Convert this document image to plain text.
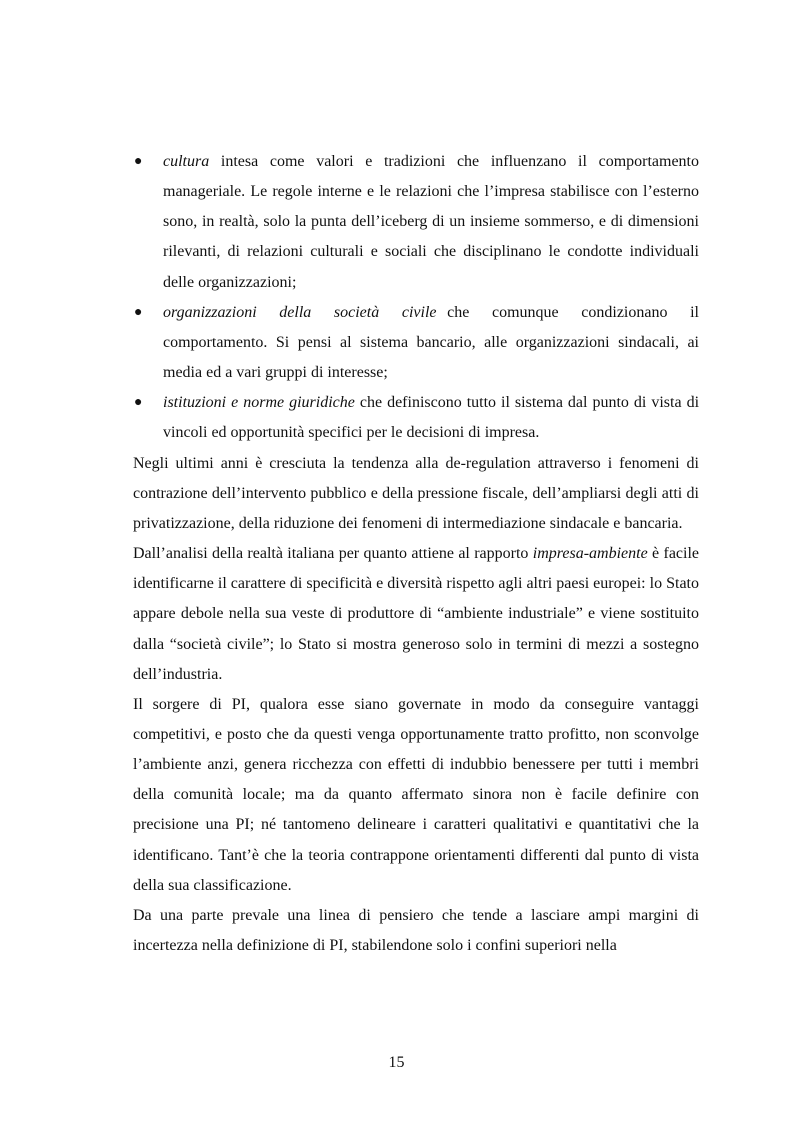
● cultura intesa come valori e tradizioni che influenzano il comportamento manageriale. Le regole interne e le relazioni che l’impresa stabilisce con l’esterno sono, in realtà, solo la punta dell’iceberg di un insieme sommerso, e di dimensioni rilevanti, di relazioni culturali e sociali che disciplinano le condotte individuali delle organizzazioni;

● organizzazioni della società civile che comunque condizionano il comportamento. Si pensi al sistema bancario, alle organizzazioni sindacali, ai media ed a vari gruppi di interesse;

● istituzioni e norme giuridiche che definiscono tutto il sistema dal punto di vista di vincoli ed opportunità specifici per le decisioni di impresa.

Negli ultimi anni è cresciuta la tendenza alla de-regulation attraverso i fenomeni di contrazione dell’intervento pubblico e della pressione fiscale, dell’ampliarsi degli atti di privatizzazione, della riduzione dei fenomeni di intermediazione sindacale e bancaria.

Dall’analisi della realtà italiana per quanto attiene al rapporto impresa-ambiente è facile identificarne il carattere di specificità e diversità rispetto agli altri paesi europei: lo Stato appare debole nella sua veste di produttore di “ambiente industriale” e viene sostituito dalla “società civile”; lo Stato si mostra generoso solo in termini di mezzi a sostegno dell’industria.

Il sorgere di PI, qualora esse siano governate in modo da conseguire vantaggi competitivi, e posto che da questi venga opportunamente tratto profitto, non sconvolge l’ambiente anzi, genera ricchezza con effetti di indubbio benessere per tutti i membri della comunità locale; ma da quanto affermato sinora non è facile definire con precisione una PI; né tantomeno delineare i caratteri qualitativi e quantitativi che la identificano. Tant’è che la teoria contrappone orientamenti differenti dal punto di vista della sua classificazione.

Da una parte prevale una linea di pensiero che tende a lasciare ampi margini di incertezza nella definizione di PI, stabilendone solo i confini superiori nella

15
